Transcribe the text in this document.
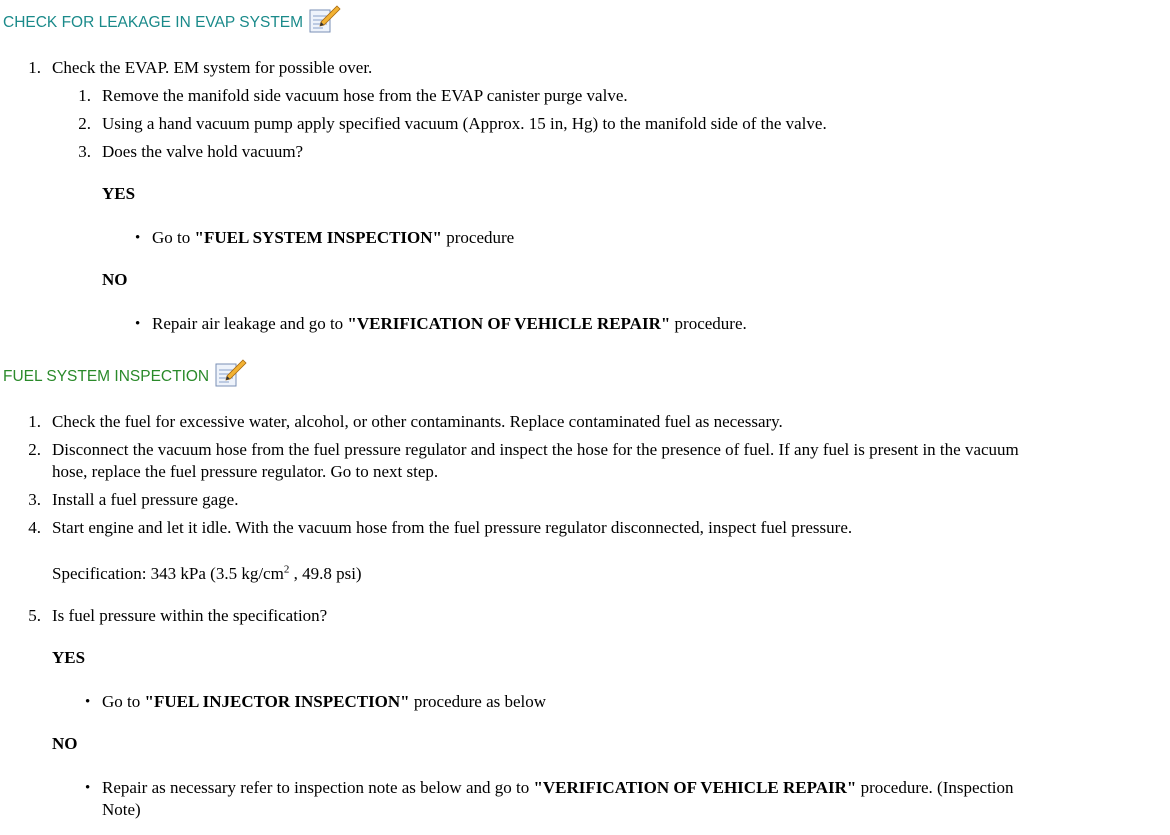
CHECK FOR LEAKAGE IN EVAP SYSTEM
1. Check the EVAP. EM system for possible over.
1. Remove the manifold side vacuum hose from the EVAP canister purge valve.
2. Using a hand vacuum pump apply specified vacuum (Approx. 15 in, Hg) to the manifold side of the valve.
3. Does the valve hold vacuum?
YES
• Go to "FUEL SYSTEM INSPECTION" procedure
NO
• Repair air leakage and go to "VERIFICATION OF VEHICLE REPAIR" procedure.
FUEL SYSTEM INSPECTION
1. Check the fuel for excessive water, alcohol, or other contaminants. Replace contaminated fuel as necessary.
2. Disconnect the vacuum hose from the fuel pressure regulator and inspect the hose for the presence of fuel. If any fuel is present in the vacuum
hose, replace the fuel pressure regulator. Go to next step.
3. Install a fuel pressure gage.
4. Start engine and let it idle. With the vacuum hose from the fuel pressure regulator disconnected, inspect fuel pressure.
Specification: 343 kPa (3.5 $kg/cm^2$ , 49.8 psi)
5. Is fuel pressure within the specification?
YES
• Go to "FUEL INJECTOR INSPECTION" procedure as below
NO
• Repair as necessary refer to inspection note as below and go to "VERIFICATION OF VEHICLE REPAIR" procedure. (Inspection
Note)
